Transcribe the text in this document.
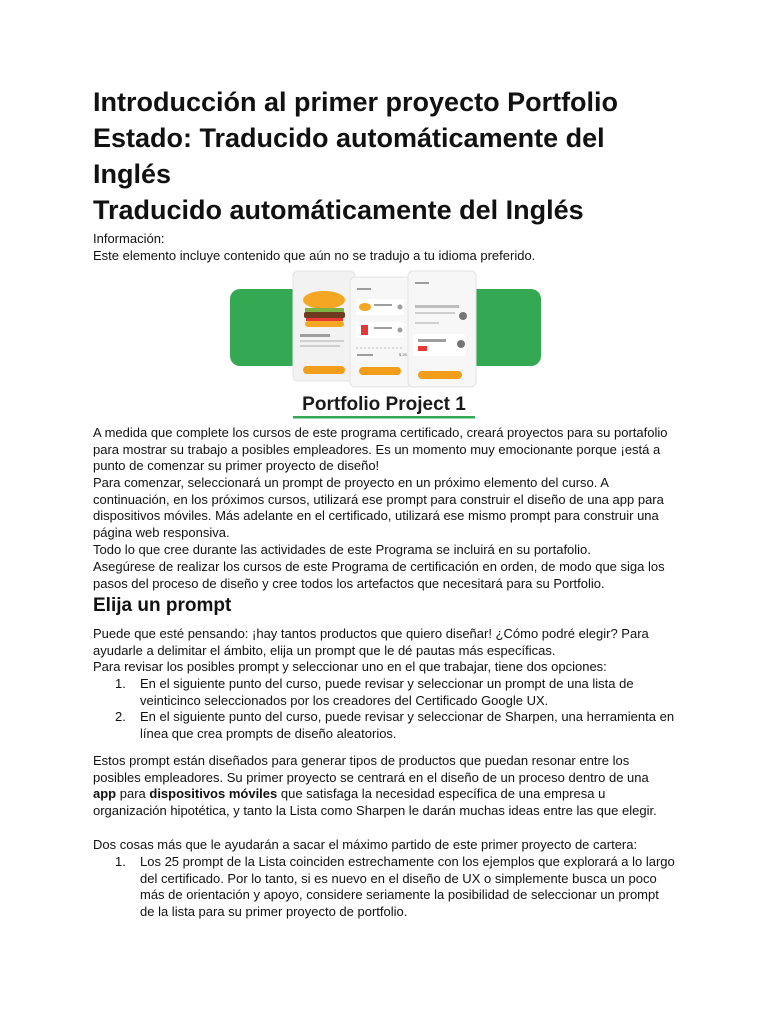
Introducción al primer proyecto Portfolio
Estado: Traducido automáticamente del
Inglés
Traducido automáticamente del Inglés
Información:
Este elemento incluye contenido que aún no se tradujo a tu idioma preferido.
$ 25
Portfolio Project 1

A medida que complete los cursos de este programa certificado, creará proyectos para su portafolio para mostrar su trabajo a posibles empleadores. Es un momento muy emocionante porque ¡está a punto de comenzar su primer proyecto de diseño!

Para comenzar, seleccionará un prompt de proyecto en un próximo elemento del curso. A continuación, en los próximos cursos, utilizará ese prompt para construir el diseño de una app para dispositivos móviles. Más adelante en el certificado, utilizará ese mismo prompt para construir una página web responsiva.

Todo lo que cree durante las actividades de este Programa se incluirá en su portafolio.

Asegúrese de realizar los cursos de este Programa de certificación en orden, de modo que siga los pasos del proceso de diseño y cree todos los artefactos que necesitará para su Portfolio.

Elija un prompt

Puede que esté pensando: ¡hay tantos productos que quiero diseñar! ¿Cómo podré elegir? Para ayudarle a delimitar el ámbito, elija un prompt que le dé pautas más específicas.

Para revisar los posibles prompt y seleccionar uno en el que trabajar, tiene dos opciones:

1. En el siguiente punto del curso, puede revisar y seleccionar un prompt de una lista de veinticinco seleccionados por los creadores del Certificado Google UX.
2. En el siguiente punto del curso, puede revisar y seleccionar de Sharpen, una herramienta en línea que crea prompts de diseño aleatorios.

Estos prompt están diseñados para generar tipos de productos que puedan resonar entre los posibles empleadores. Su primer proyecto se centrará en el diseño de un proceso dentro de una app para dispositivos móviles que satisfaga la necesidad específica de una empresa u organización hipotética, y tanto la Lista como Sharpen le darán muchas ideas entre las que elegir.

Dos cosas más que le ayudarán a sacar el máximo partido de este primer proyecto de cartera:

1. Los 25 prompt de la Lista coinciden estrechamente con los ejemplos que explorará a lo largo del certificado. Por lo tanto, si es nuevo en el diseño de UX o simplemente busca un poco más de orientación y apoyo, considere seriamente la posibilidad de seleccionar un prompt de la lista para su primer proyecto de portfolio.
